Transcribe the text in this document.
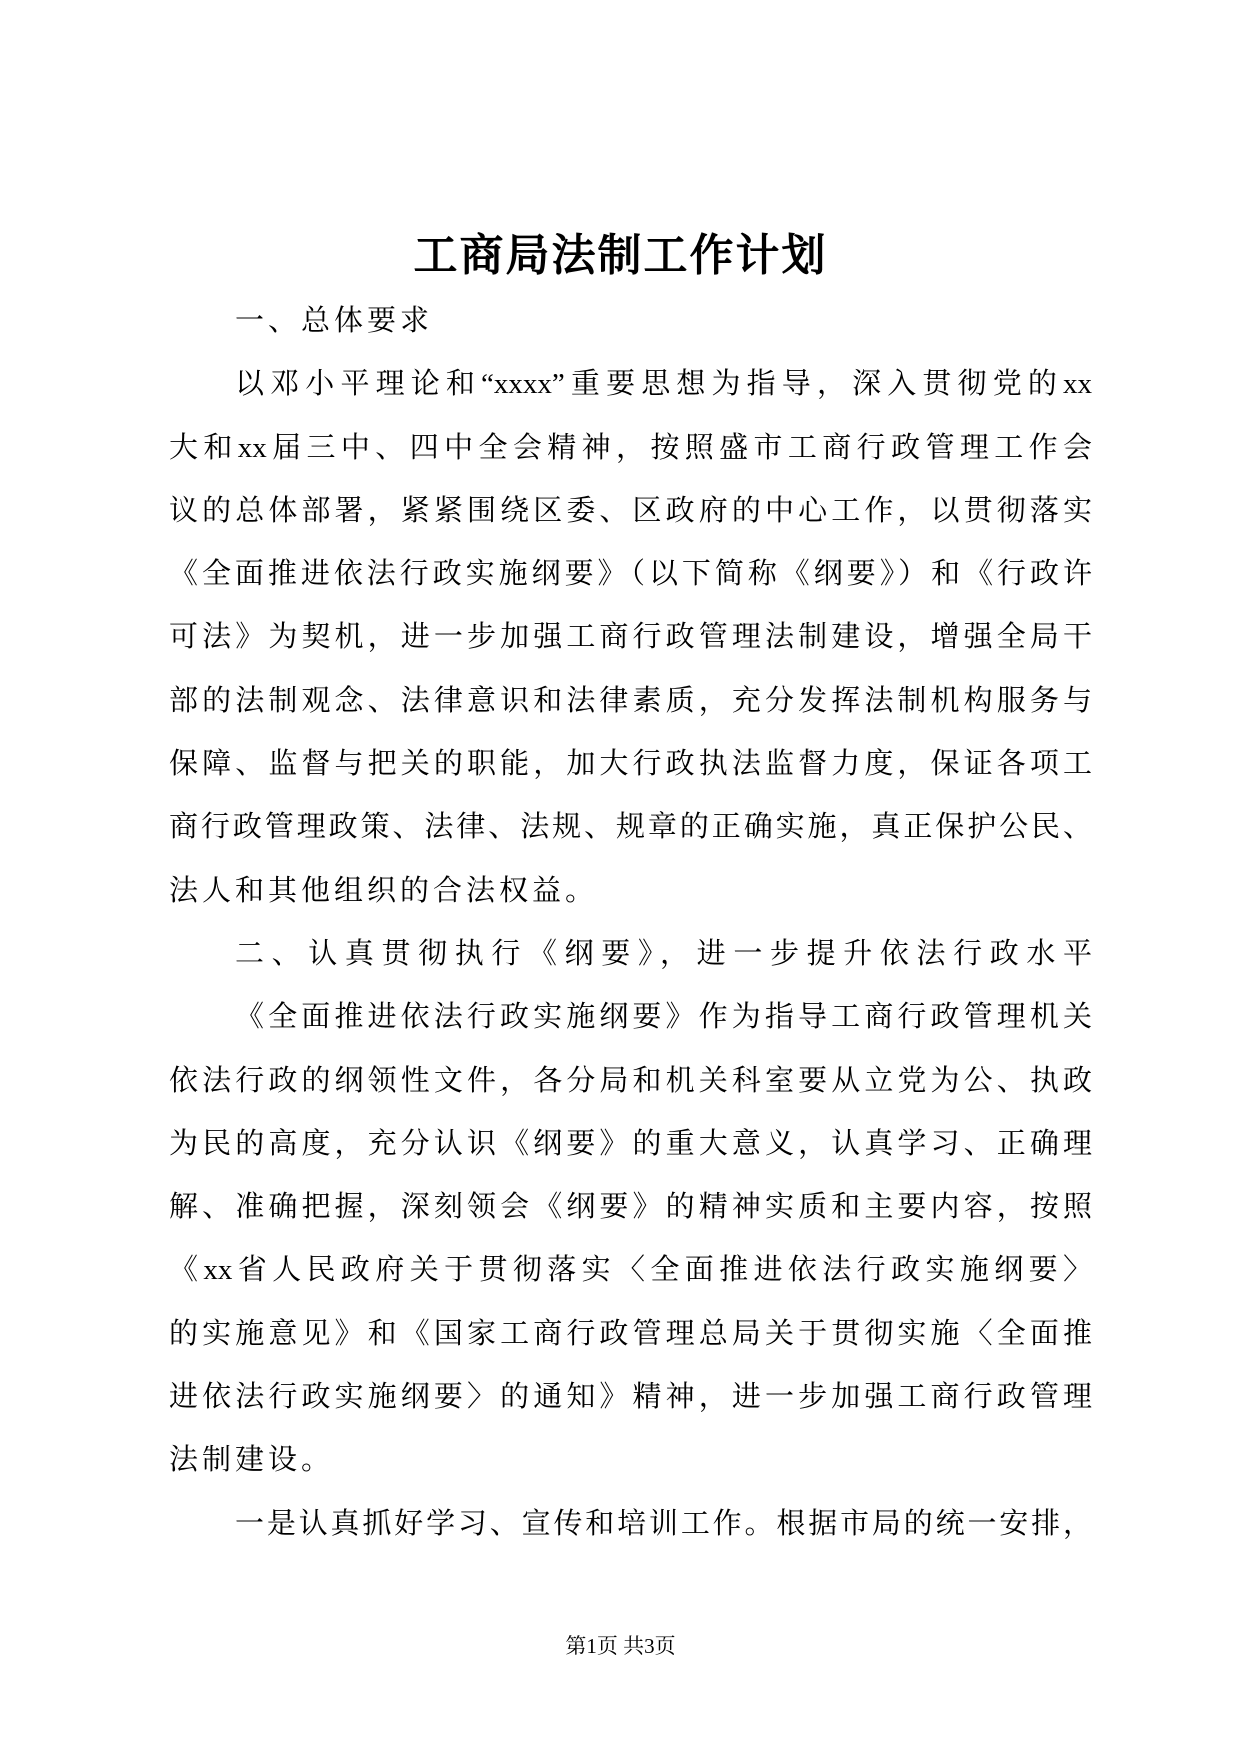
工商局法制工作计划
一、总体要求
以邓小平理论和“xxxx”重要思想为指导，深入贯彻党的xx
大和xx届三中、四中全会精神，按照盛市工商行政管理工作会
议的总体部署，紧紧围绕区委、区政府的中心工作，以贯彻落实
《全面推进依法行政实施纲要》（以下简称《纲要》）和《行政许
可法》为契机，进一步加强工商行政管理法制建设，增强全局干
部的法制观念、法律意识和法律素质，充分发挥法制机构服务与
保障、监督与把关的职能，加大行政执法监督力度，保证各项工
商行政管理政策、法律、法规、规章的正确实施，真正保护公民、
法人和其他组织的合法权益。
二、认真贯彻执行《纲要》，进一步提升依法行政水平
《全面推进依法行政实施纲要》作为指导工商行政管理机关
依法行政的纲领性文件，各分局和机关科室要从立党为公、执政
为民的高度，充分认识《纲要》的重大意义，认真学习、正确理
解、准确把握，深刻领会《纲要》的精神实质和主要内容，按照
《xx省人民政府关于贯彻落实〈全面推进依法行政实施纲要〉
的实施意见》和《国家工商行政管理总局关于贯彻实施〈全面推
进依法行政实施纲要〉的通知》精神，进一步加强工商行政管理
法制建设。
一是认真抓好学习、宣传和培训工作。根据市局的统一安排，
第1页 共3页
